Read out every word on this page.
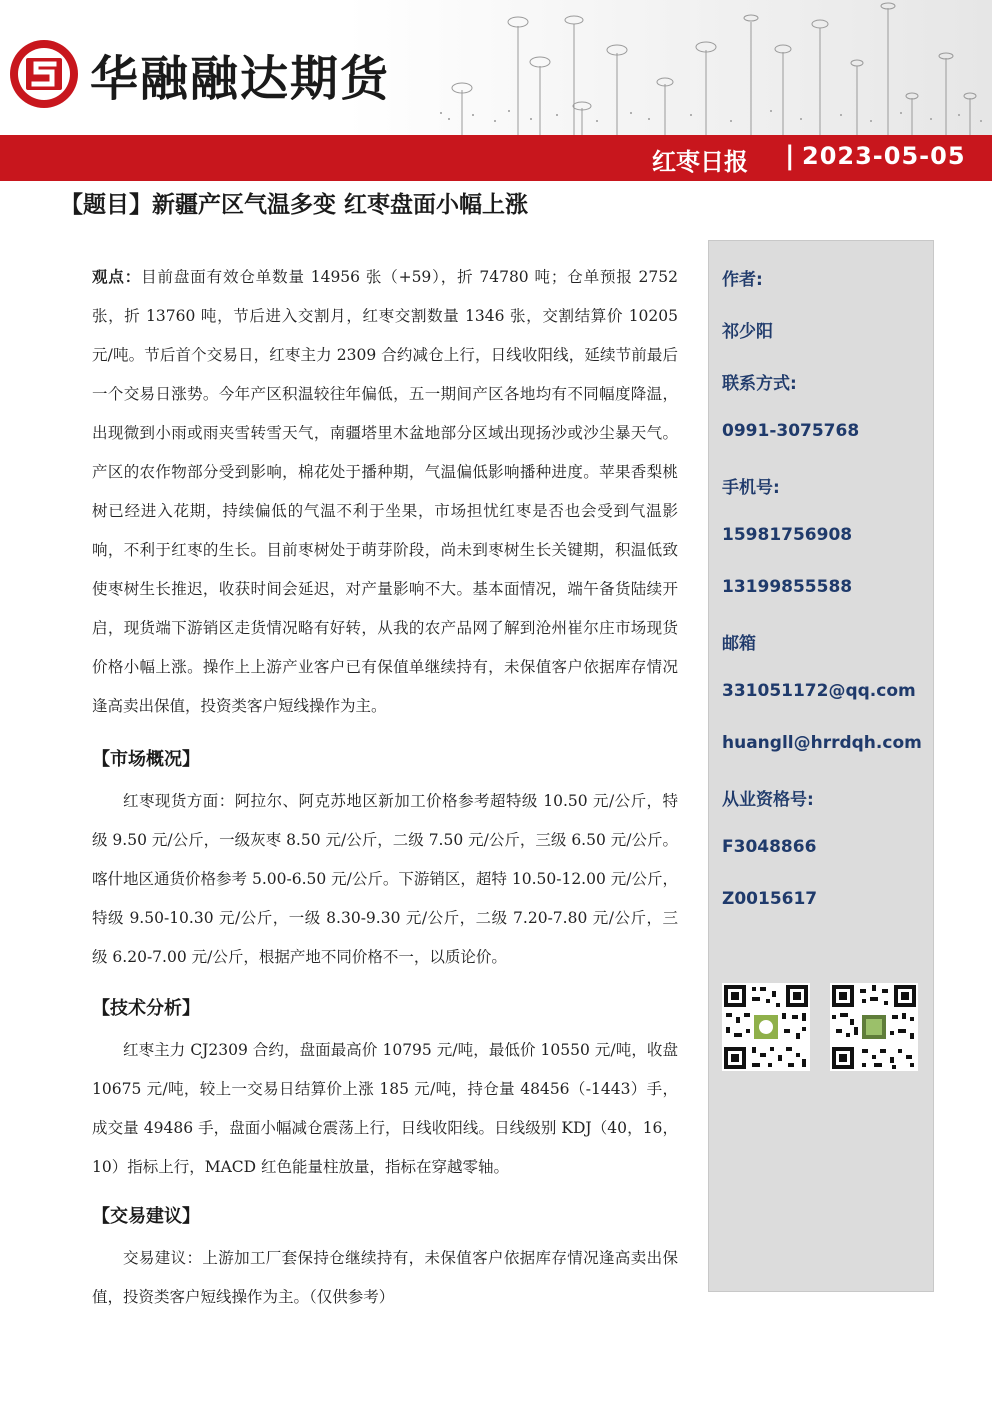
华融融达期货
红枣日报 | 2023-05-05
【题目】新疆产区气温多变 红枣盘面小幅上涨

观点：目前盘面有效仓单数量 14956 张（+59），折 74780 吨；仓单预报 2752 张，折 13760 吨，节后进入交割月，红枣交割数量 1346 张，交割结算价 10205 元/吨。节后首个交易日，红枣主力 2309 合约减仓上行，日线收阳线，延续节前最后一个交易日涨势。今年产区积温较往年偏低，五一期间产区各地均有不同幅度降温，出现微到小雨或雨夹雪转雪天气，南疆塔里木盆地部分区域出现扬沙或沙尘暴天气。产区的农作物部分受到影响，棉花处于播种期，气温偏低影响播种进度。苹果香梨桃树已经进入花期，持续偏低的气温不利于坐果，市场担忧红枣是否也会受到气温影响，不利于红枣的生长。目前枣树处于萌芽阶段，尚未到枣树生长关键期，积温低致使枣树生长推迟，收获时间会延迟，对产量影响不大。基本面情况，端午备货陆续开启，现货端下游销区走货情况略有好转，从我的农产品网了解到沧州崔尔庄市场现货价格小幅上涨。操作上上游产业客户已有保值单继续持有，未保值客户依据库存情况逢高卖出保值，投资类客户短线操作为主。

【市场概况】

红枣现货方面：阿拉尔、阿克苏地区新加工价格参考超特级 10.50 元/公斤，特级 9.50 元/公斤，一级灰枣 8.50 元/公斤，二级 7.50 元/公斤，三级 6.50 元/公斤。喀什地区通货价格参考 5.00-6.50 元/公斤。下游销区，超特 10.50-12.00 元/公斤，特级 9.50-10.30 元/公斤，一级 8.30-9.30 元/公斤，二级 7.20-7.80 元/公斤，三级 6.20-7.00 元/公斤，根据产地不同价格不一，以质论价。

【技术分析】

红枣主力 CJ2309 合约，盘面最高价 10795 元/吨，最低价 10550 元/吨，收盘 10675 元/吨，较上一交易日结算价上涨 185 元/吨，持仓量 48456（-1443）手，成交量 49486 手，盘面小幅减仓震荡上行，日线收阳线。日线级别 KDJ（40，16，10）指标上行，MACD 红色能量柱放量，指标在穿越零轴。

【交易建议】

交易建议：上游加工厂套保持仓继续持有，未保值客户依据库存情况逢高卖出保值，投资类客户短线操作为主。（仅供参考）

作者:
祁少阳
联系方式:
0991-3075768
手机号:
15981756908
13199855588
邮箱
331051172@qq.com
huangll@hrrdqh.com
从业资格号:
F3048866
Z0015617
